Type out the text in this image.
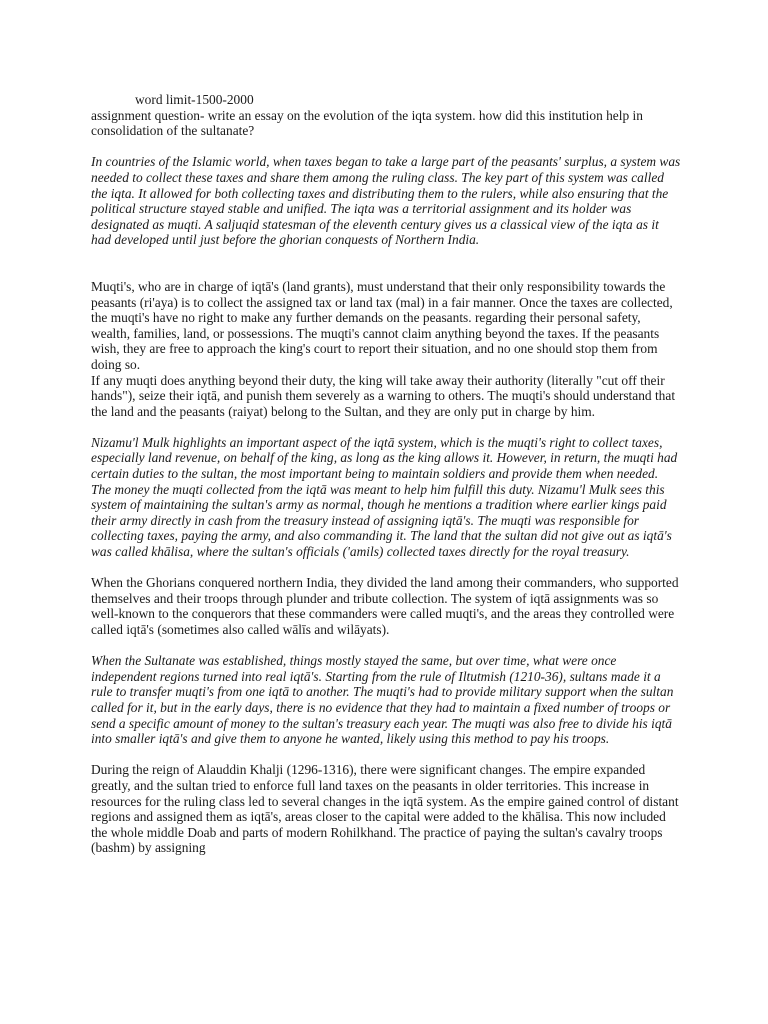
word limit-1500-2000

assignment question- write an essay on the evolution of the iqta system. how did this institution help in consolidation of the sultanate?

In countries of the Islamic world, when taxes began to take a large part of the peasants' surplus, a system was needed to collect these taxes and share them among the ruling class. The key part of this system was called the iqta. It allowed for both collecting taxes and distributing them to the rulers, while also ensuring that the political structure stayed stable and unified. The iqta was a territorial assignment and its holder was designated as muqti. A saljuqid statesman of the eleventh century gives us a classical view of the iqta as it had developed until just before the ghorian conquests of Northern India.

Muqti's, who are in charge of iqtā's (land grants), must understand that their only responsibility towards the peasants (ri'aya) is to collect the assigned tax or land tax (mal) in a fair manner. Once the taxes are collected, the muqti's have no right to make any further demands on the peasants. regarding their personal safety, wealth, families, land, or possessions. The muqti's cannot claim anything beyond the taxes. If the peasants wish, they are free to approach the king's court to report their situation, and no one should stop them from doing so.

If any muqti does anything beyond their duty, the king will take away their authority (literally "cut off their hands"), seize their iqtā, and punish them severely as a warning to others. The muqti's should understand that the land and the peasants (raiyat) belong to the Sultan, and they are only put in charge by him.

Nizamu'l Mulk highlights an important aspect of the iqtā system, which is the muqti's right to collect taxes, especially land revenue, on behalf of the king, as long as the king allows it. However, in return, the muqti had certain duties to the sultan, the most important being to maintain soldiers and provide them when needed. The money the muqti collected from the iqtā was meant to help him fulfill this duty. Nizamu'l Mulk sees this system of maintaining the sultan's army as normal, though he mentions a tradition where earlier kings paid their army directly in cash from the treasury instead of assigning iqtā's. The muqti was responsible for collecting taxes, paying the army, and also commanding it. The land that the sultan did not give out as iqtā's was called khālisa, where the sultan's officials ('amils) collected taxes directly for the royal treasury.

When the Ghorians conquered northern India, they divided the land among their commanders, who supported themselves and their troops through plunder and tribute collection. The system of iqtā assignments was so well-known to the conquerors that these commanders were called muqti's, and the areas they controlled were called iqtā's (sometimes also called wālīs and wilāyats).

When the Sultanate was established, things mostly stayed the same, but over time, what were once independent regions turned into real iqtā's. Starting from the rule of Iltutmish (1210-36), sultans made it a rule to transfer muqti's from one iqtā to another. The muqti's had to provide military support when the sultan called for it, but in the early days, there is no evidence that they had to maintain a fixed number of troops or send a specific amount of money to the sultan's treasury each year. The muqti was also free to divide his iqtā into smaller iqtā's and give them to anyone he wanted, likely using this method to pay his troops.

During the reign of Alauddin Khalji (1296-1316), there were significant changes. The empire expanded greatly, and the sultan tried to enforce full land taxes on the peasants in older territories. This increase in resources for the ruling class led to several changes in the iqtā system. As the empire gained control of distant regions and assigned them as iqtā's, areas closer to the capital were added to the khālisa. This now included the whole middle Doab and parts of modern Rohilkhand. The practice of paying the sultan's cavalry troops (bashm) by assigning
